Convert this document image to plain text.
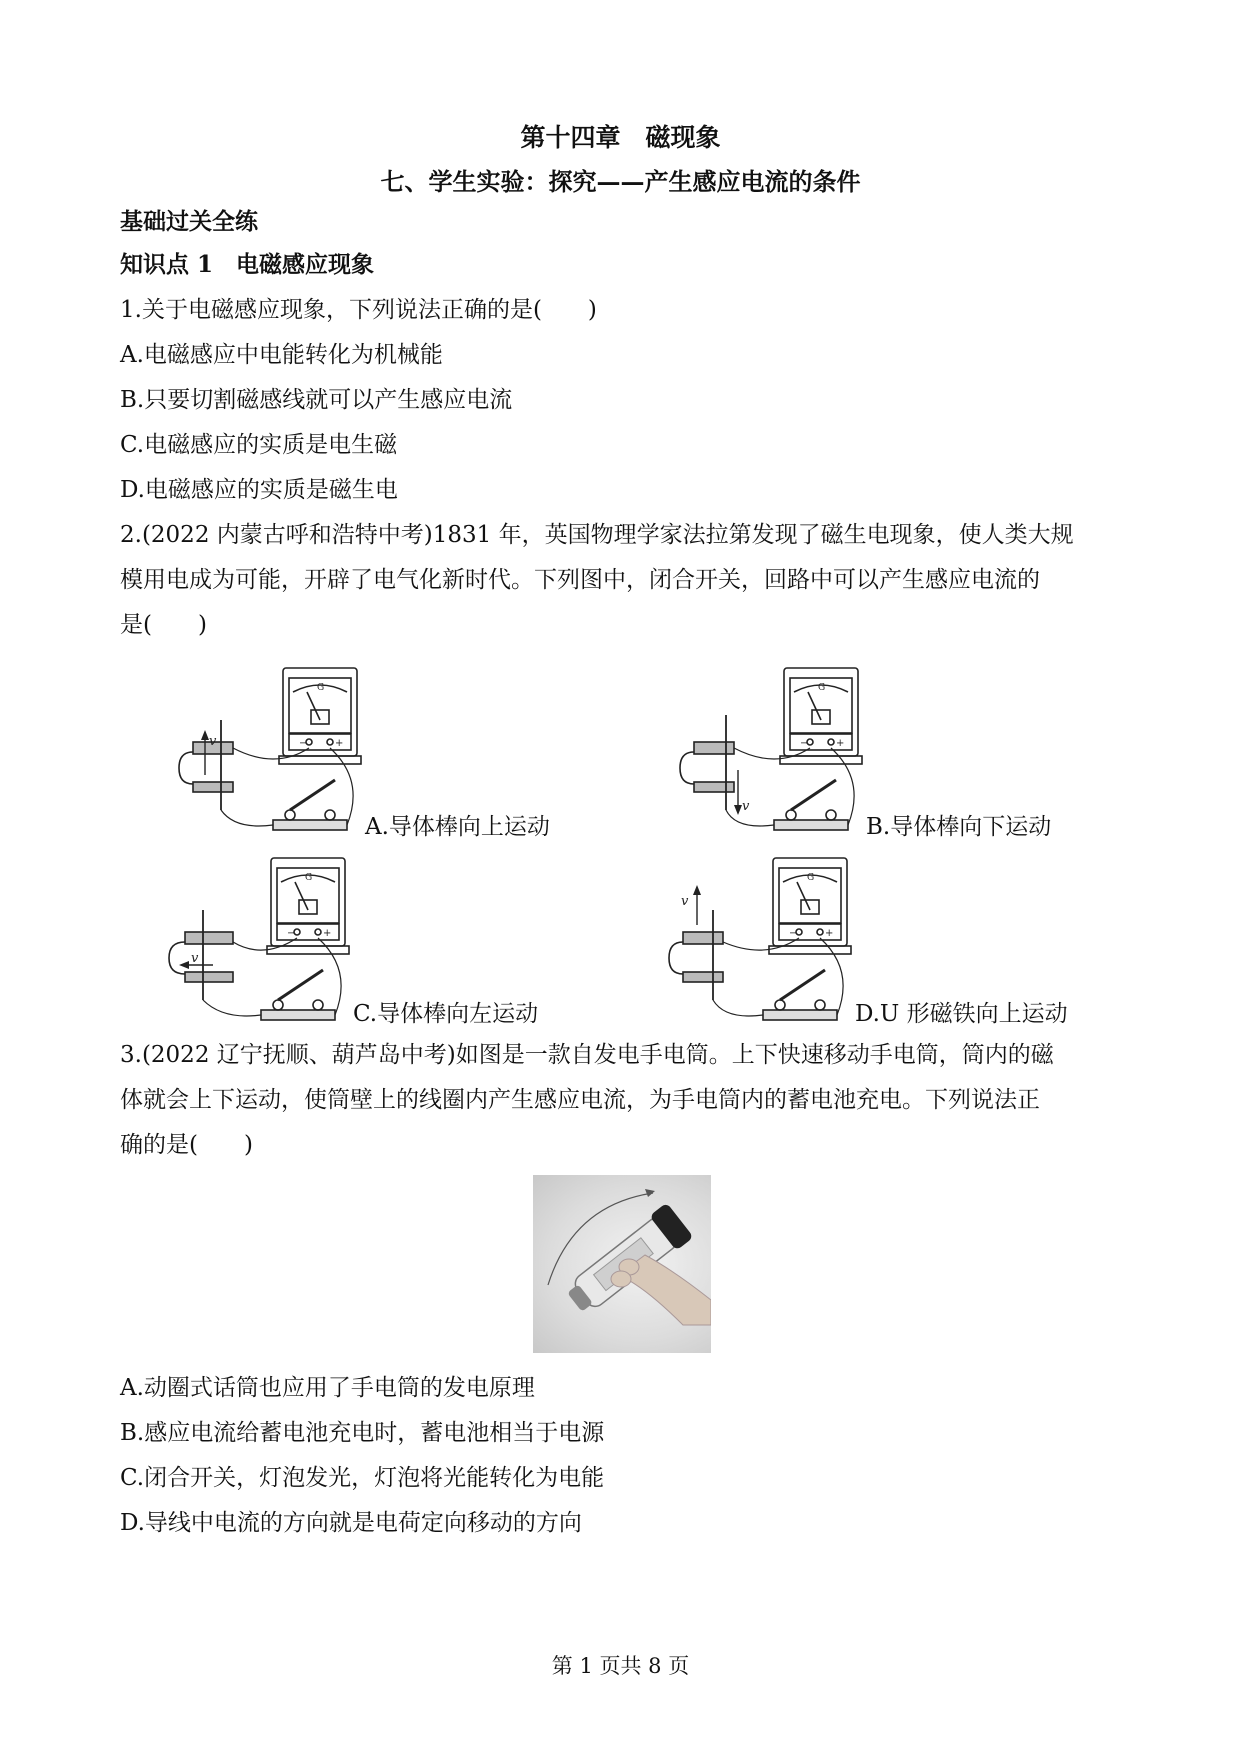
第十四章　磁现象
七、学生实验：探究——产生感应电流的条件
基础过关全练
知识点 1　电磁感应现象
1.关于电磁感应现象，下列说法正确的是(　　)
A.电磁感应中电能转化为机械能
B.只要切割磁感线就可以产生感应电流
C.电磁感应的实质是电生磁
D.电磁感应的实质是磁生电
2.(2022 内蒙古呼和浩特中考)1831 年，英国物理学家法拉第发现了磁生电现象，使人类大规
模用电成为可能，开辟了电气化新时代。下列图中，闭合开关，回路中可以产生感应电流的
是(　　)
G
−	+
v
A.导体棒向上运动
G
−	+
v
B.导体棒向下运动
G
−	+
v
C.导体棒向左运动
G
−	+
v
D.U 形磁铁向上运动
3.(2022 辽宁抚顺、葫芦岛中考)如图是一款自发电手电筒。上下快速移动手电筒，筒内的磁
体就会上下运动，使筒壁上的线圈内产生感应电流，为手电筒内的蓄电池充电。下列说法正
确的是(　　)
A.动圈式话筒也应用了手电筒的发电原理
B.感应电流给蓄电池充电时，蓄电池相当于电源
C.闭合开关，灯泡发光，灯泡将光能转化为电能
D.导线中电流的方向就是电荷定向移动的方向
第 1 页共 8 页
